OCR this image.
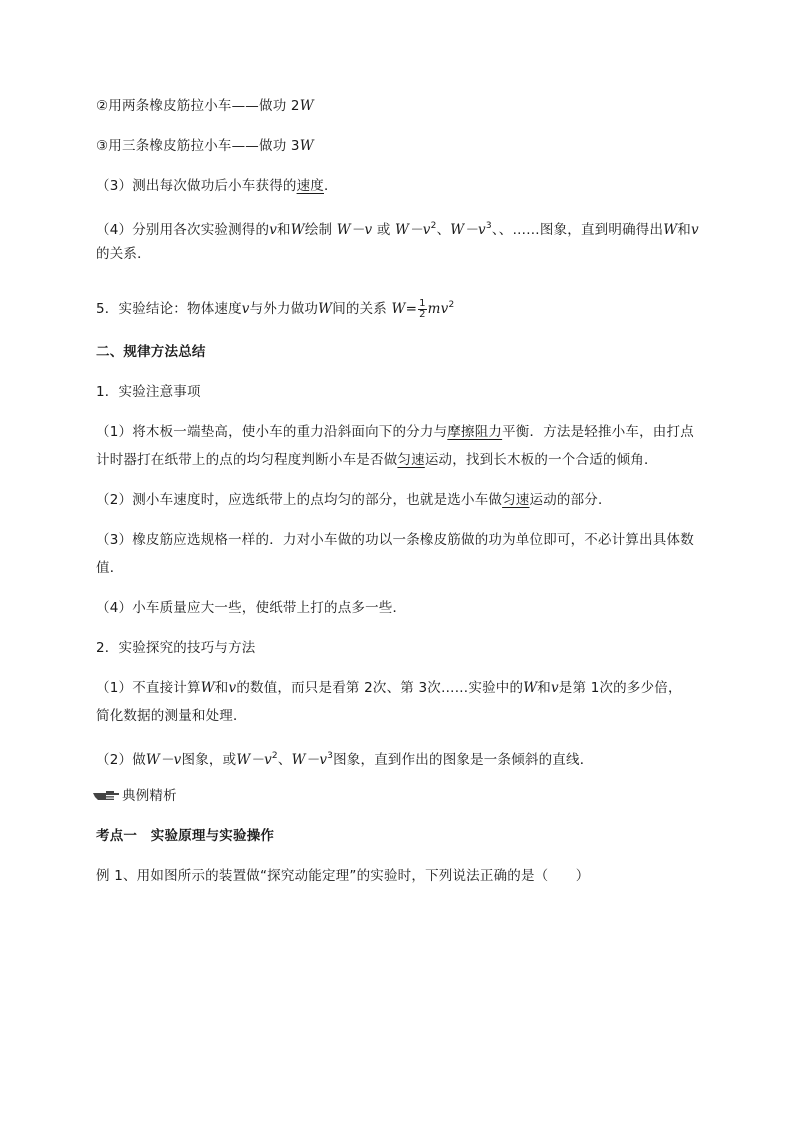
②用两条橡皮筋拉小车——做功 2W
③用三条橡皮筋拉小车——做功 3W
（3）测出每次做功后小车获得的速度．
（4）分别用各次实验测得的v和W绘制 W－v 或 $W-v^2$、$W-v^3$、、……图象，直到明确得出W和v
的关系．
5．实验结论：物体速度v与外力做功W间的关系 $W= \frac{1}{2} mv^2$
二、规律方法总结
1．实验注意事项
（1）将木板一端垫高，使小车的重力沿斜面向下的分力与摩擦阻力平衡．方法是轻推小车，由打点
计时器打在纸带上的点的均匀程度判断小车是否做匀速运动，找到长木板的一个合适的倾角．
（2）测小车速度时，应选纸带上的点均匀的部分，也就是选小车做匀速运动的部分．
（3）橡皮筋应选规格一样的．力对小车做的功以一条橡皮筋做的功为单位即可，不必计算出具体数
值．
（4）小车质量应大一些，使纸带上打的点多一些．
2．实验探究的技巧与方法
（1）不直接计算W和v的数值，而只是看第 2次、第 3次……实验中的W和v是第 1次的多少倍，
简化数据的测量和处理．
（2）做W－v图象，或$W-v^2$、$W-v^3$图象，直到作出的图象是一条倾斜的直线．
典例精析
考点一　实验原理与实验操作
例 1、用如图所示的装置做“探究动能定理”的实验时，下列说法正确的是（　　）
